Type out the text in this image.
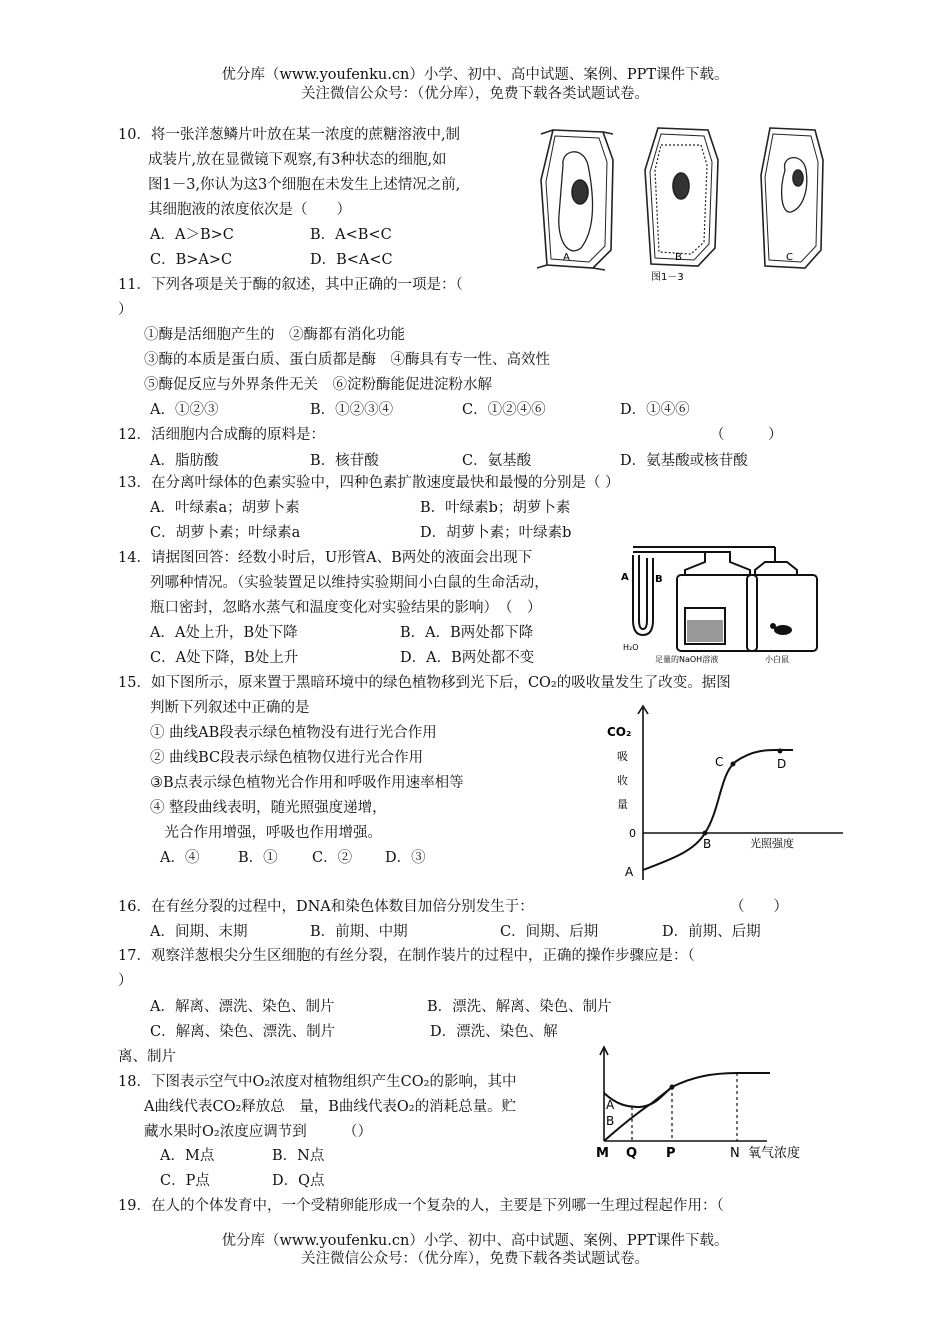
优分库（www.youfenku.cn）小学、初中、高中试题、案例、PPT课件下载。
关注微信公众号：（优分库），免费下载各类试题试卷。
10．将一张洋葱鳞片叶放在某一浓度的蔗糖溶液中,制
成装片,放在显微镜下观察,有3种状态的细胞,如
图1－3,你认为这3个细胞在未发生上述情况之前,
其细胞液的浓度依次是（　　）
A．A＞B>C	B．A<B<C
C．B>A>C	D．B<A<C	A	B	C
图1－3
11．下列各项是关于酶的叙述，其中正确的一项是：（
）
①酶是活细胞产生的　②酶都有消化功能
③酶的本质是蛋白质、蛋白质都是酶　④酶具有专一性、高效性
⑤酶促反应与外界条件无关　⑥淀粉酶能促进淀粉水解
A．①②③	B．①②③④	C．①②④⑥	D．①④⑥
12．活细胞内合成酶的原料是：	（　　　）
A．脂肪酸	B．核苷酸	C．氨基酸	D．氨基酸或核苷酸
13．在分离叶绿体的色素实验中，四种色素扩散速度最快和最慢的分别是（ ）
A．叶绿素a；胡萝卜素	B．叶绿素b；胡萝卜素
C．胡萝卜素；叶绿素a	D．胡萝卜素；叶绿素b
14．请据图回答：经数小时后，U形管A、B两处的液面会出现下
列哪种情况。（实验装置足以维持实验期间小白鼠的生命活动，
瓶口密封，忽略水蒸气和温度变化对实验结果的影响）　（　）
A．A处上升，B处下降	B．A．B两处都下降
C．A处下降，B处上升	D．A．B两处都不变
A	B
H₂O
足量的NaOH溶液	小白鼠
15．如下图所示，原来置于黑暗环境中的绿色植物移到光下后，CO₂的吸收量发生了改变。据图
判断下列叙述中正确的是
① 曲线AB段表示绿色植物没有进行光合作用
② 曲线BC段表示绿色植物仅进行光合作用
③B点表示绿色植物光合作用和呼吸作用速率相等
④ 整段曲线表明，随光照强度递增，
　光合作用增强，呼吸也作用增强。
A．④	B．① C．② D．③
CO₂
吸
收
量
0
光照强度
A
B
C	D
16．在有丝分裂的过程中，DNA和染色体数目加倍分别发生于：	（　　）
A．间期、末期	B．前期、中期	C．间期、后期	D．前期、后期
17．观察洋葱根尖分生区细胞的有丝分裂，在制作装片的过程中，正确的操作步骤应是：（
）
A．解离、漂洗、染色、制片	B．漂洗、解离、染色、制片
C．解离、染色、漂洗、制片	D．漂洗、染色、解
离、制片
18．下图表示空气中O₂浓度对植物组织产生CO₂的影响，其中
A曲线代表CO₂释放总　量，B曲线代表O₂的消耗总量。贮
藏水果时O₂浓度应调节到　　　（）
A．M点	B．N点
C．P点	D．Q点
A
B
M Q P	N 氧气浓度
19．在人的个体发育中，一个受精卵能形成一个复杂的人，主要是下列哪一生理过程起作用：（
优分库（www.youfenku.cn）小学、初中、高中试题、案例、PPT课件下载。
关注微信公众号：（优分库），免费下载各类试题试卷。
